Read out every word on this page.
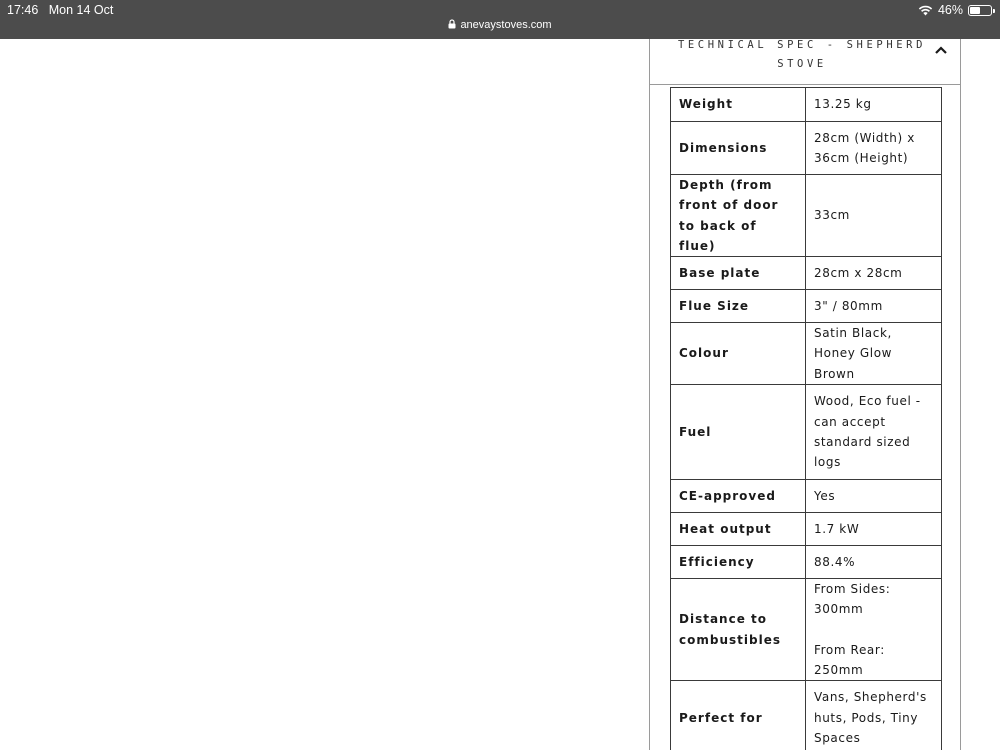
17:46 Mon 14 Oct
anevaystoves.com
46%
TECHNICAL SPEC - SHEPHERD STOVE
Weight	13.25 kg
Dimensions	28cm (Width) x 36cm (Height)
Depth (from front of door to back of flue)	33cm
Base plate	28cm x 28cm
Flue Size	3" / 80mm
Colour	Satin Black, Honey Glow Brown
Fuel	Wood, Eco fuel - can accept standard sized logs
CE-approved	Yes
Heat output	1.7 kW
Efficiency	88.4%
Distance to combustibles	From Sides: 300mm
From Rear: 250mm

Perfect for	Vans, Shepherd's huts, Pods, Tiny Spaces
